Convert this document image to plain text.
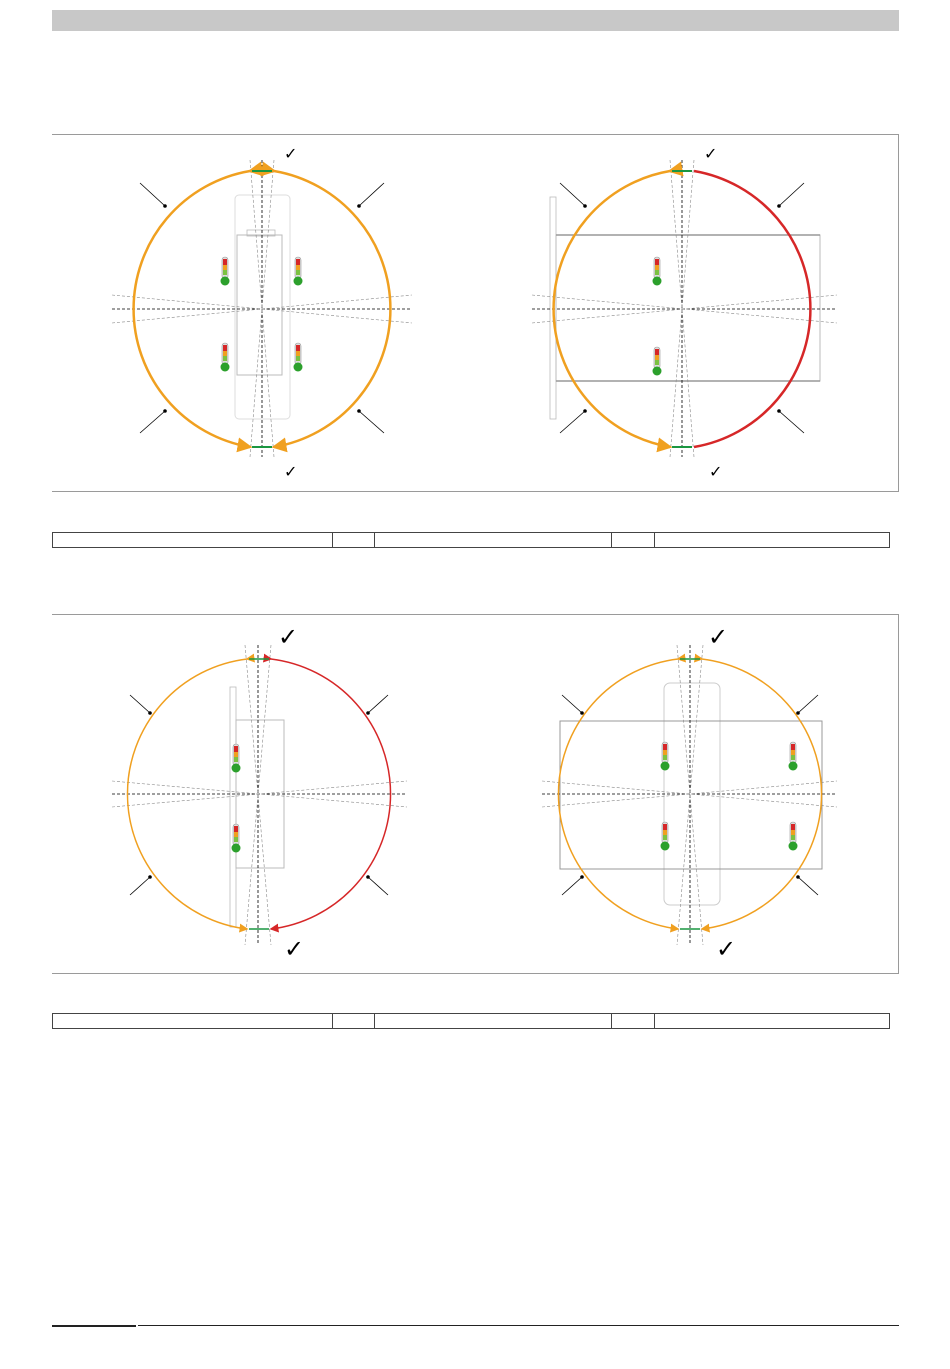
✓
✓
✓
✓

✓
✓
✓
✓
